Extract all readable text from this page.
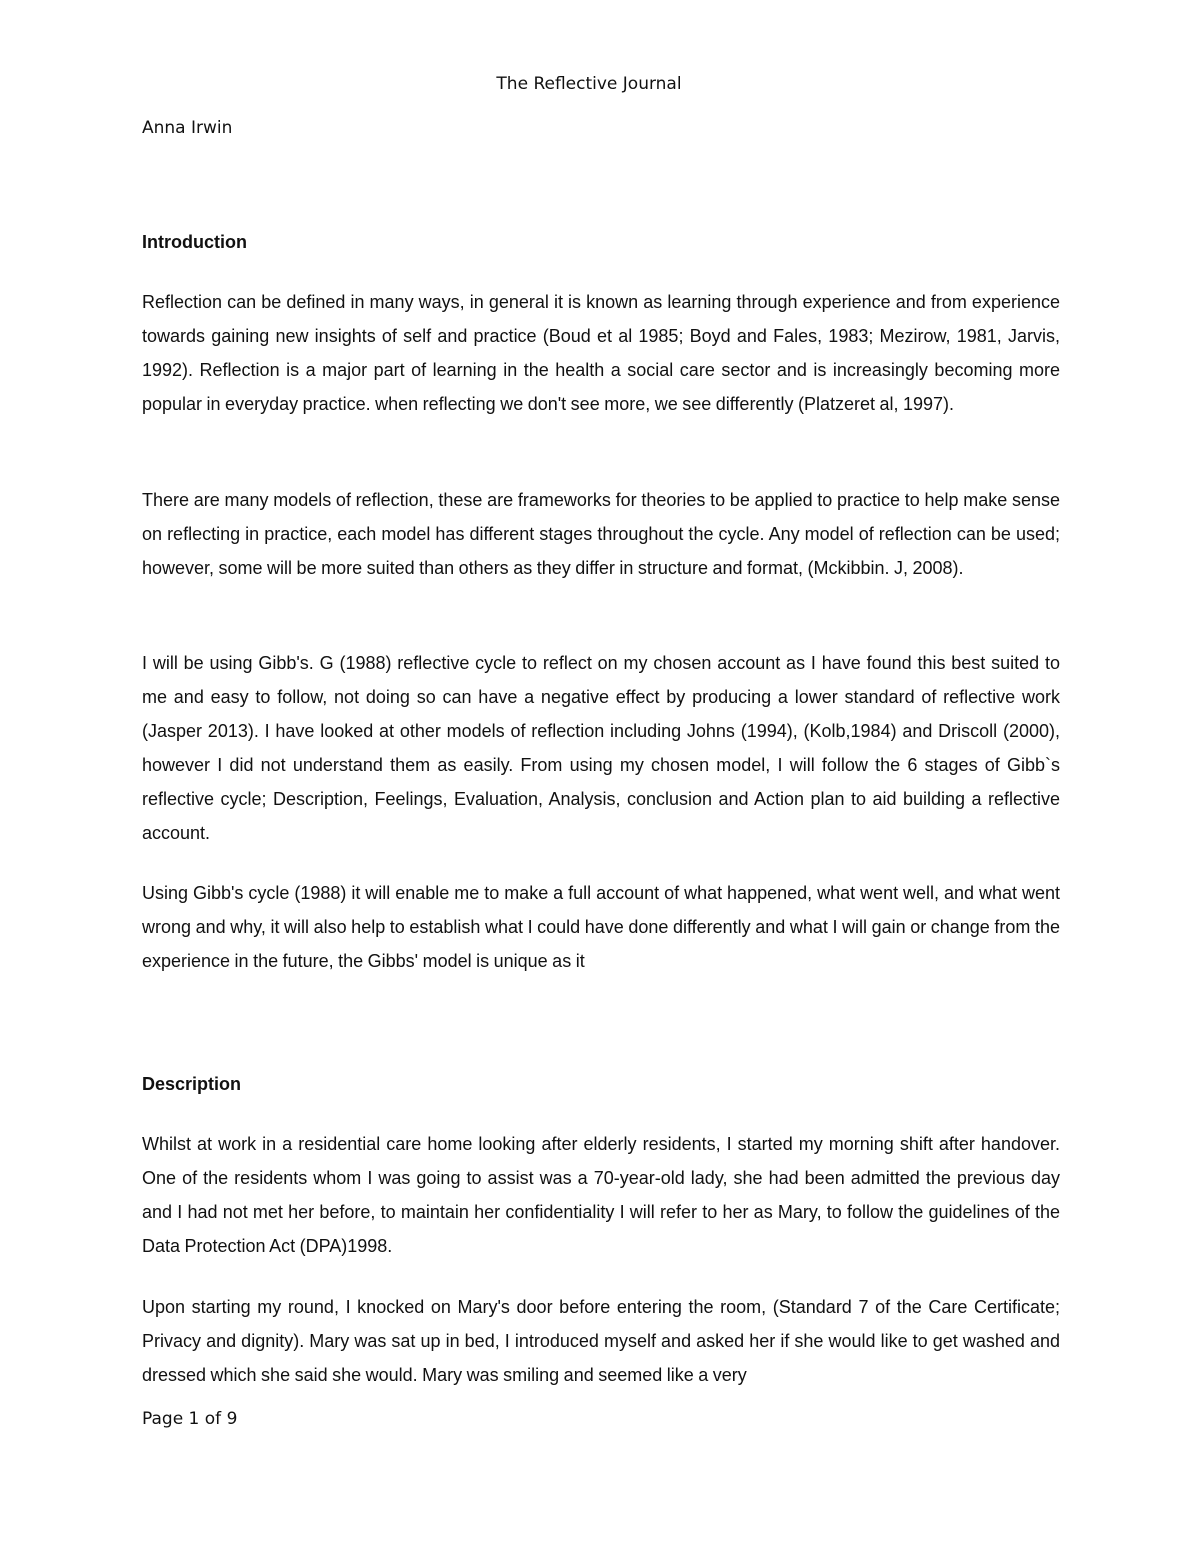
The Reflective Journal
Anna Irwin
Introduction

Reflection can be defined in many ways, in general it is known as learning through experience and from experience towards gaining new insights of self and practice (Boud et al 1985; Boyd and Fales, 1983; Mezirow, 1981, Jarvis, 1992). Reflection is a major part of learning in the health a social care sector and is increasingly becoming more popular in everyday practice. when reflecting we don't see more, we see differently (Platzeret al, 1997).

There are many models of reflection, these are frameworks for theories to be applied to practice to help make sense on reflecting in practice, each model has different stages throughout the cycle. Any model of reflection can be used; however, some will be more suited than others as they differ in structure and format, (Mckibbin. J, 2008).

I will be using Gibb's. G (1988) reflective cycle to reflect on my chosen account as I have found this best suited to me and easy to follow, not doing so can have a negative effect by producing a lower standard of reflective work (Jasper 2013). I have looked at other models of reflection including Johns (1994), (Kolb,1984) and Driscoll (2000), however I did not understand them as easily. From using my chosen model, I will follow the 6 stages of Gibb`s reflective cycle; Description, Feelings, Evaluation, Analysis, conclusion and Action plan to aid building a reflective account.

Using Gibb's cycle (1988) it will enable me to make a full account of what happened, what went well, and what went wrong and why, it will also help to establish what I could have done differently and what I will gain or change from the experience in the future, the Gibbs' model is unique as it

Description

Whilst at work in a residential care home looking after elderly residents, I started my morning shift after handover. One of the residents whom I was going to assist was a 70-year-old lady, she had been admitted the previous day and I had not met her before, to maintain her confidentiality I will refer to her as Mary, to follow the guidelines of the Data Protection Act (DPA)1998.

Upon starting my round, I knocked on Mary's door before entering the room, (Standard 7 of the Care Certificate; Privacy and dignity). Mary was sat up in bed, I introduced myself and asked her if she would like to get washed and dressed which she said she would. Mary was smiling and seemed like a very

Page 1 of 9
